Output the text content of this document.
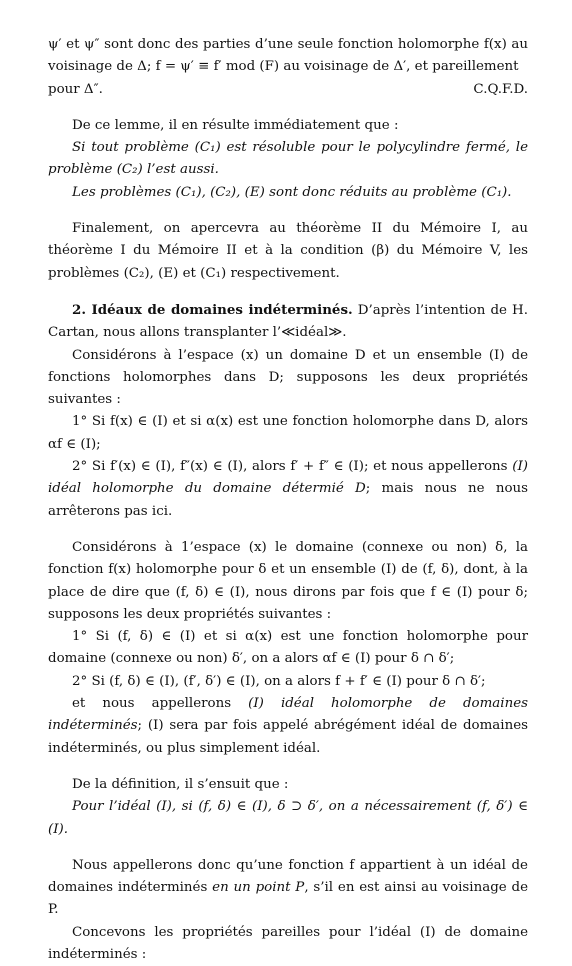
ψ′ et ψ″ sont donc des parties d’une seule fonction holomorphe f(x) au voisinage de Δ; f = ψ′ ≡ f′ mod (F) au voisinage de Δ′, et pareillement

pour Δ″.	C.Q.F.D.

De ce lemme, il en résulte immédiatement que :

Si tout problème (C₁) est résoluble pour le polycylindre fermé, le problème (C₂) l’est aussi.

Les problèmes (C₁), (C₂), (E) sont donc réduits au problème (C₁).

Finalement, on apercevra au théorème II du Mémoire I, au théorème I du Mémoire II et à la condition (β) du Mémoire V, les problèmes (C₂), (E) et (C₁) respectivement.

2. Idéaux de domaines indéterminés. D’après l’intention de H. Cartan, nous allons transplanter l’≪idéal≫.

Considérons à l’espace (x) un domaine D et un ensemble (I) de fonctions holomorphes dans D; supposons les deux propriétés suivantes :

1° Si f(x) ∈ (I) et si α(x) est une fonction holomorphe dans D, alors αf ∈ (I);

2° Si f′(x) ∈ (I), f″(x) ∈ (I), alors f′ + f″ ∈ (I); et nous appellerons (I) idéal holomorphe du domaine détermié D; mais nous ne nous arrêterons pas ici.

Considérons à 1’espace (x) le domaine (connexe ou non) δ, la fonction f(x) holomorphe pour δ et un ensemble (I) de (f, δ), dont, à la place de dire que (f, δ) ∈ (I), nous dirons par fois que f ∈ (I) pour δ; supposons les deux propriétés suivantes :

1° Si (f, δ) ∈ (I) et si α(x) est une fonction holomorphe pour domaine (connexe ou non) δ′, on a alors αf ∈ (I) pour δ ∩ δ′;

2° Si (f, δ) ∈ (I), (f′, δ′) ∈ (I), on a alors f + f′ ∈ (I) pour δ ∩ δ′;

et nous appellerons (I) idéal holomorphe de domaines indéterminés; (I) sera par fois appelé abrégément idéal de domaines indéterminés, ou plus simplement idéal.

De la définition, il s’ensuit que :

Pour l’idéal (I), si (f, δ) ∈ (I), δ ⊃ δ′, on a nécessairement (f, δ′) ∈ (I).

Nous appellerons donc qu’une fonction f appartient à un idéal de domaines indéterminés en un point P, s’il en est ainsi au voisinage de P.

Concevons les propriétés pareilles pour l’idéal (I) de domaine indéterminés :
